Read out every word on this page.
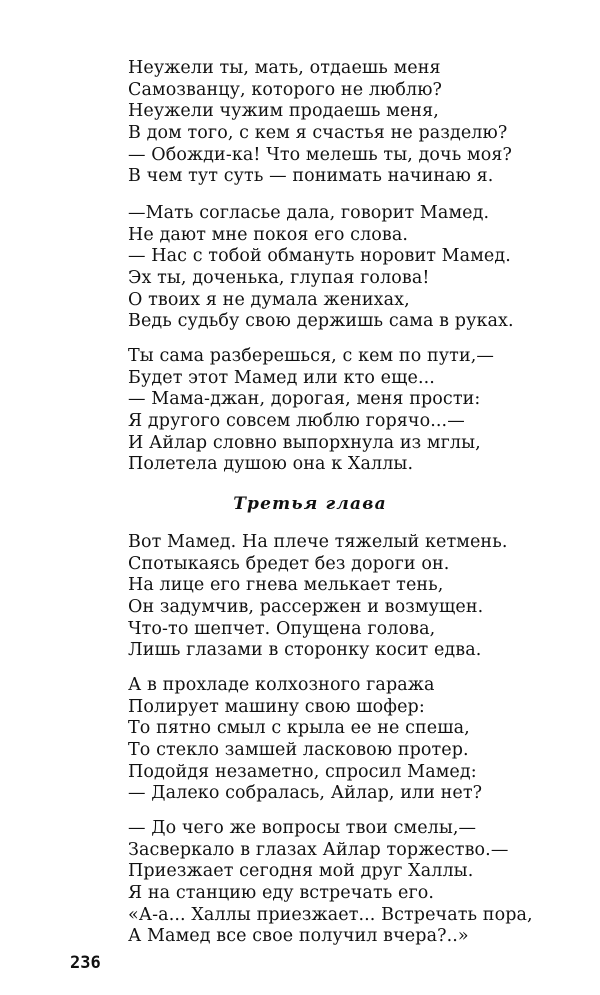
Неужели ты, мать, отдаешь меня
Самозванцу, которого не люблю?
Неужели чужим продаешь меня,
В дом того, с кем я счастья не разделю?
— Обожди-ка! Что мелешь ты, дочь моя?
В чем тут суть — понимать начинаю я.
—Мать согласье дала, говорит Мамед.
Не дают мне покоя его слова.
— Нас с тобой обмануть норовит Мамед.
Эх ты, доченька, глупая голова!
О твоих я не думала женихах,
Ведь судьбу свою держишь сама в руках.
Ты сама разберешься, с кем по пути,—
Будет этот Мамед или кто еще...
— Мама-джан, дорогая, меня прости:
Я другого совсем люблю горячо...—
И Айлар словно выпорхнула из мглы,
Полетела душою она к Халлы.
Третья глава
Вот Мамед. На плече тяжелый кетмень.
Спотыкаясь бредет без дороги он.
На лице его гнева мелькает тень,
Он задумчив, рассержен и возмущен.
Что-то шепчет. Опущена голова,
Лишь глазами в сторонку косит едва.
А в прохладе колхозного гаража
Полирует машину свою шофер:
То пятно смыл с крыла ее не спеша,
То стекло замшей ласковою протер.
Подойдя незаметно, спросил Мамед:
— Далеко собралась, Айлар, или нет?
— До чего же вопросы твои смелы,—
Засверкало в глазах Айлар торжество.—
Приезжает сегодня мой друг Халлы.
Я на станцию еду встречать его.
«А-а... Халлы приезжает... Встречать пора,
А Мамед все свое получил вчера?..»
236
